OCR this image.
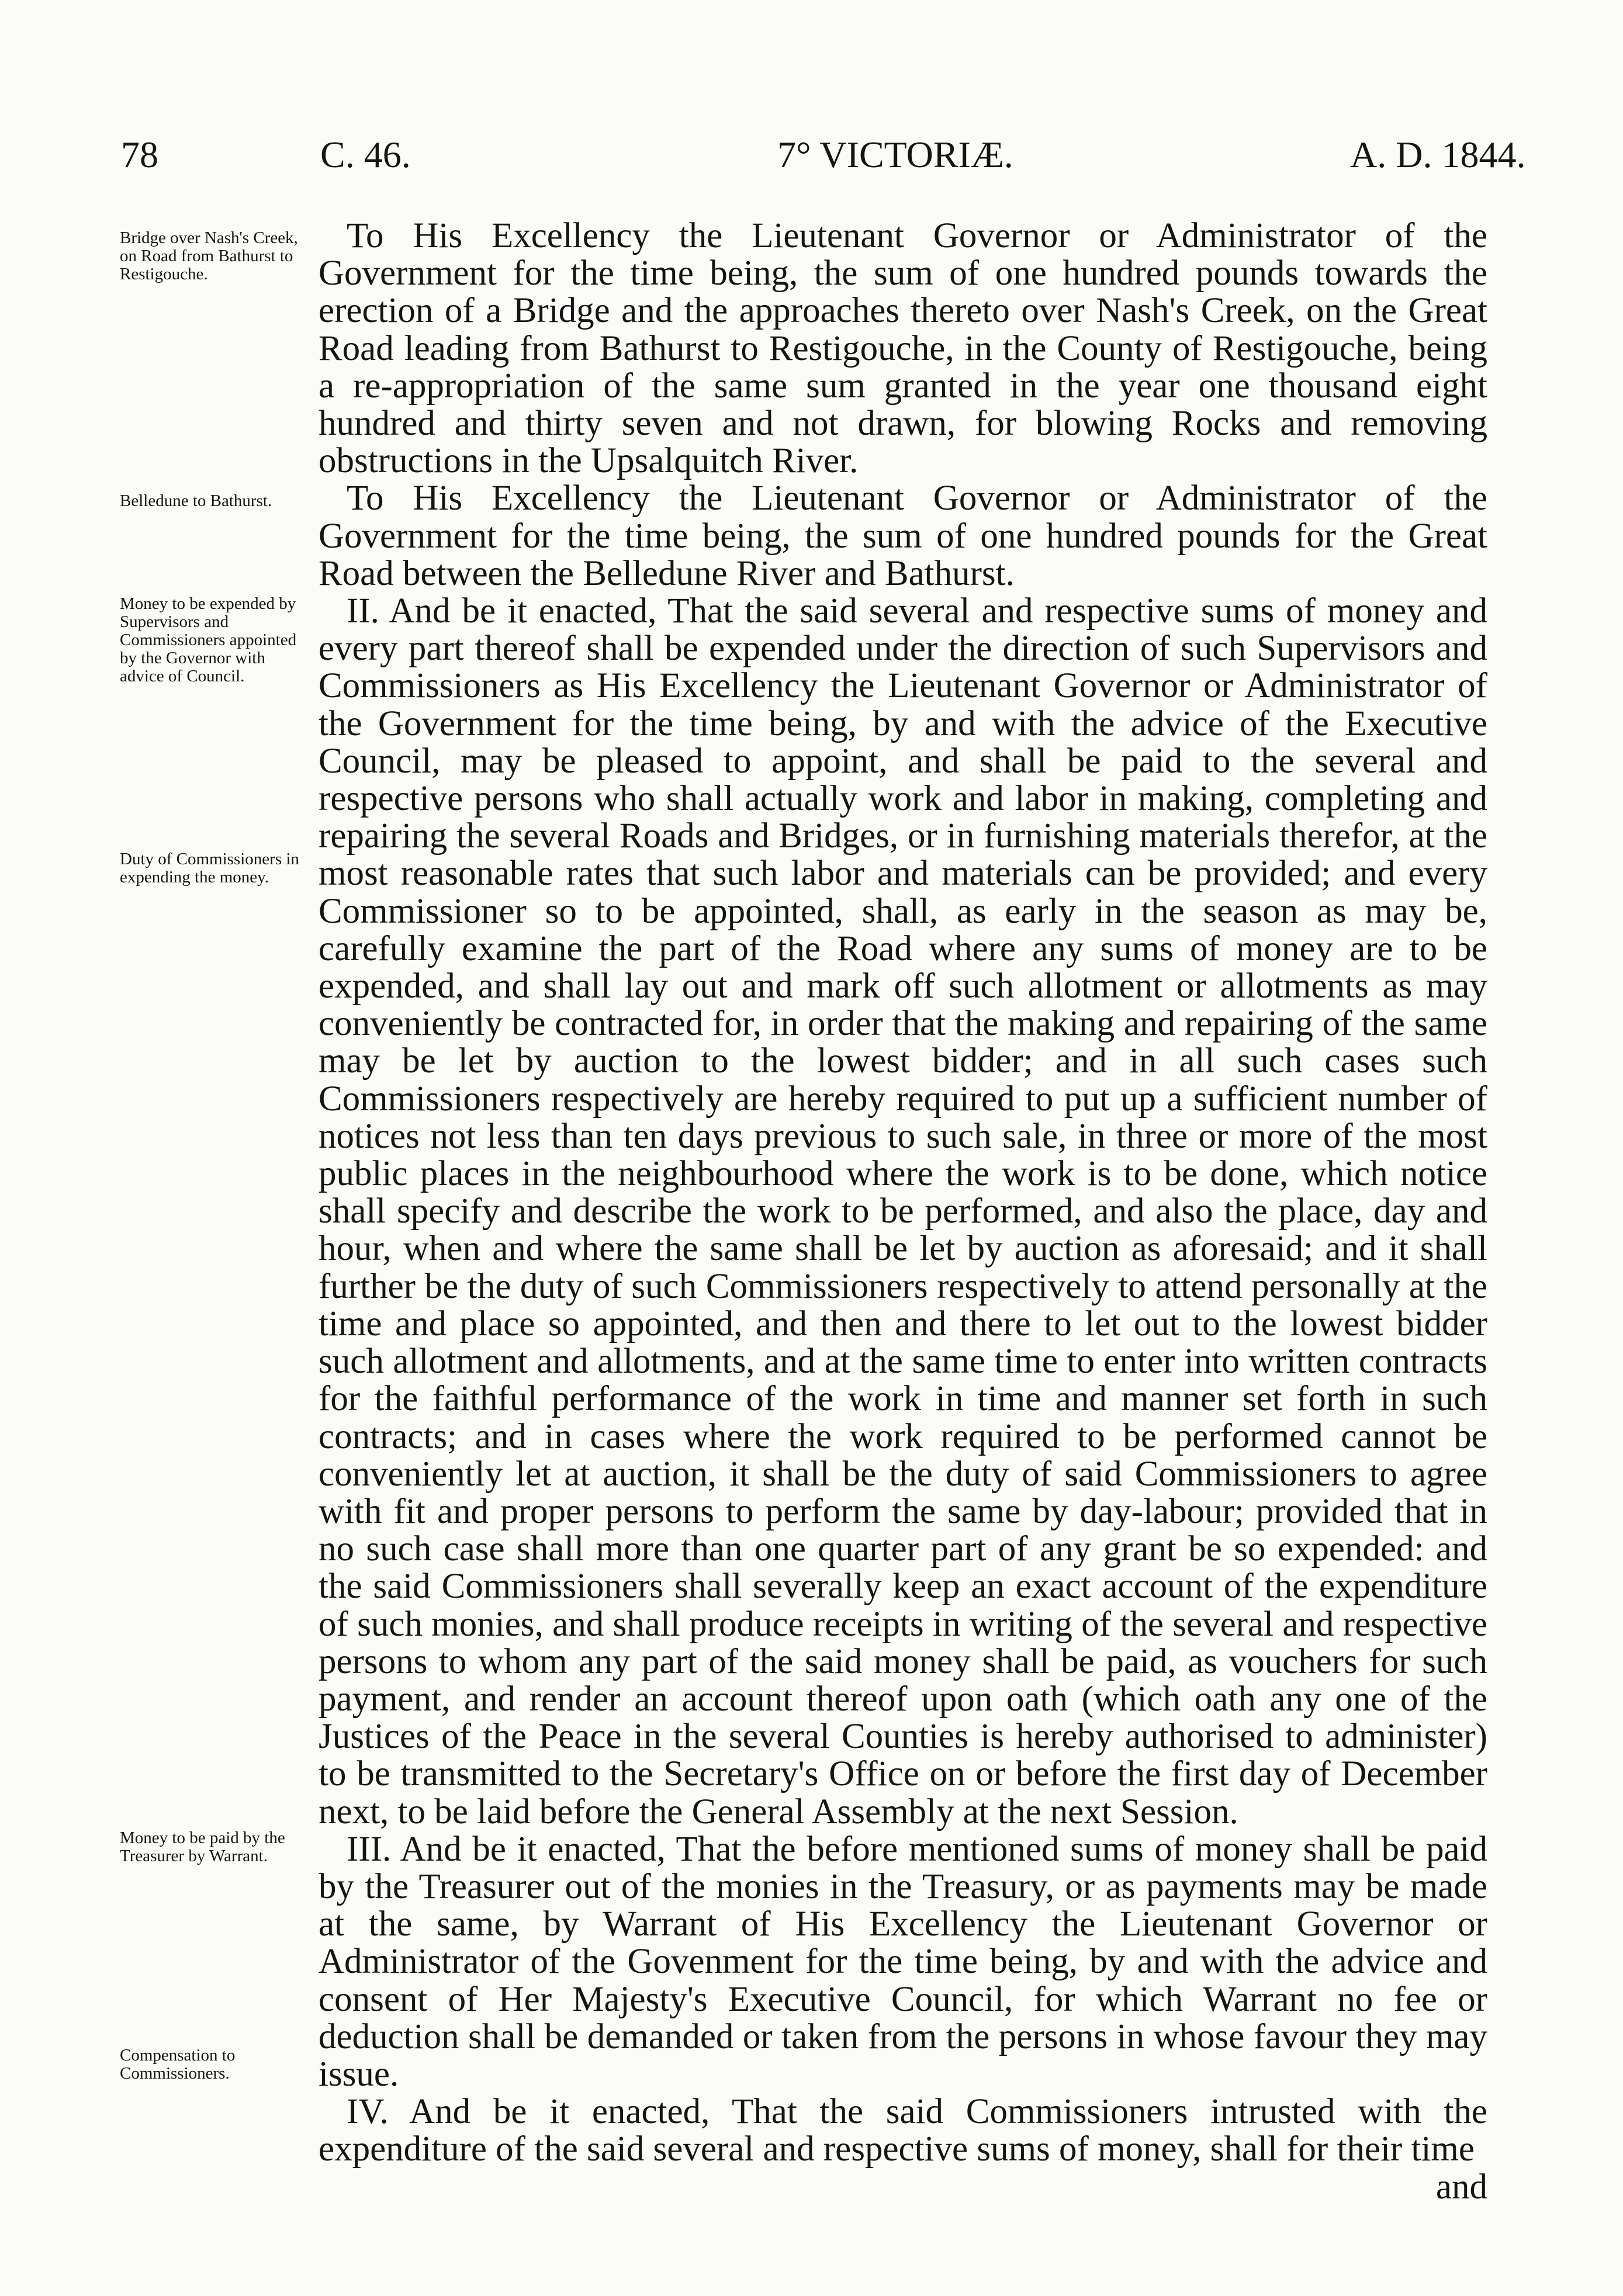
78	C. 46.	7° VICTORIÆ.	A. D. 1844.
Bridge over Nash's Creek, on Road from Bathurst to Restigouche.
Belledune to Bathurst.
Money to be expended by Supervisors and Commissioners appointed by the Governor with advice of Council.
Duty of Commissioners in expending the money.
Money to be paid by the Treasurer by Warrant.
Compensation to Commissioners.

To His Excellency the Lieutenant Governor or Administrator of the Government for the time being, the sum of one hundred pounds towards the erection of a Bridge and the approaches thereto over Nash's Creek, on the Great Road leading from Bathurst to Restigouche, in the County of Restigouche, being a re-appropriation of the same sum granted in the year one thousand eight hundred and thirty seven and not drawn, for blowing Rocks and removing obstructions in the Upsalquitch River.

To His Excellency the Lieutenant Governor or Administrator of the Government for the time being, the sum of one hundred pounds for the Great Road between the Belledune River and Bathurst.

II. And be it enacted, That the said several and respective sums of money and every part thereof shall be expended under the direction of such Supervisors and Commissioners as His Excellency the Lieutenant Governor or Administrator of the Government for the time being, by and with the advice of the Executive Council, may be pleased to appoint, and shall be paid to the several and respective persons who shall actually work and labor in making, completing and repairing the several Roads and Bridges, or in furnishing materials therefor, at the most reasonable rates that such labor and materials can be provided; and every Commissioner so to be appointed, shall, as early in the season as may be, carefully examine the part of the Road where any sums of money are to be expended, and shall lay out and mark off such allotment or allotments as may conveniently be contracted for, in order that the making and repairing of the same may be let by auction to the lowest bidder; and in all such cases such Commissioners respectively are hereby required to put up a sufficient number of notices not less than ten days previous to such sale, in three or more of the most public places in the neighbourhood where the work is to be done, which notice shall specify and describe the work to be performed, and also the place, day and hour, when and where the same shall be let by auction as aforesaid; and it shall further be the duty of such Commissioners respectively to attend personally at the time and place so appointed, and then and there to let out to the lowest bidder such allotment and allotments, and at the same time to enter into written contracts for the faithful performance of the work in time and manner set forth in such contracts; and in cases where the work required to be performed cannot be conveniently let at auction, it shall be the duty of said Commissioners to agree with fit and proper persons to perform the same by day-labour; provided that in no such case shall more than one quarter part of any grant be so expended: and the said Commissioners shall severally keep an exact account of the expenditure of such monies, and shall produce receipts in writing of the several and respective persons to whom any part of the said money shall be paid, as vouchers for such payment, and render an account thereof upon oath (which oath any one of the Justices of the Peace in the several Counties is hereby authorised to administer) to be transmitted to the Secretary's Office on or before the first day of December next, to be laid before the General Assembly at the next Session.

III. And be it enacted, That the before mentioned sums of money shall be paid by the Treasurer out of the monies in the Treasury, or as payments may be made at the same, by Warrant of His Excellency the Lieutenant Governor or Administrator of the Govenment for the time being, by and with the advice and consent of Her Majesty's Executive Council, for which Warrant no fee or deduction shall be demanded or taken from the persons in whose favour they may issue.

IV. And be it enacted, That the said Commissioners intrusted with the expenditure of the said several and respective sums of money, shall for their time

and
